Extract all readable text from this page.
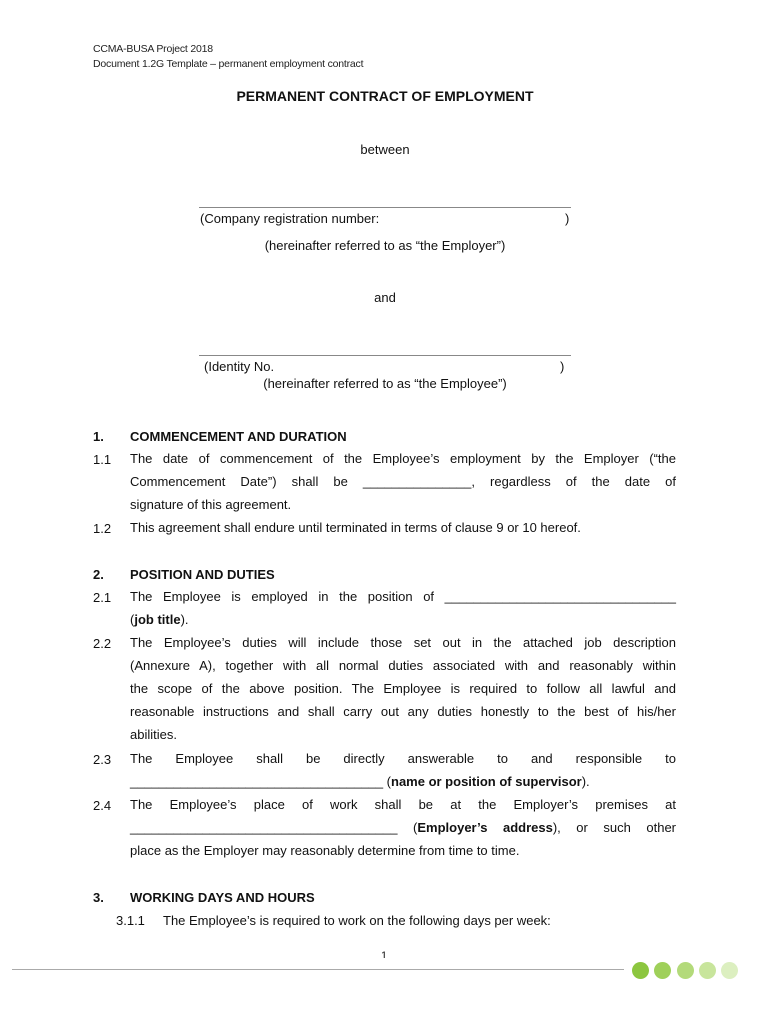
CCMA-BUSA Project 2018
Document 1.2G Template – permanent employment contract
PERMANENT CONTRACT OF EMPLOYMENT
between
(Company registration number:	)
(hereinafter referred to as “the Employer”)
and
(Identity No.	)
(hereinafter referred to as “the Employee”)
1. COMMENCEMENT AND DURATION
1.1 The date of commencement of the Employee’s employment by the Employer (“the
Commencement Date”) shall be _______________, regardless of the date of
signature of this agreement.
1.2 This agreement shall endure until terminated in terms of clause 9 or 10 hereof.
2. POSITION AND DUTIES
2.1 The Employee is employed in the position of ________________________________
(job title).
2.2 The Employee’s duties will include those set out in the attached job description
(Annexure A), together with all normal duties associated with and reasonably within
the scope of the above position. The Employee is required to follow all lawful and
reasonable instructions and shall carry out any duties honestly to the best of his/her
abilities.
2.3 The Employee shall be directly answerable to and responsible to
___________________________________ (name or position of supervisor).
2.4 The Employee’s place of work shall be at the Employer’s premises at
_____________________________________ (Employer’s address), or such other
place as the Employer may reasonably determine from time to time.
3. WORKING DAYS AND HOURS
3.1.1 The Employee’s is required to work on the following days per week:
1
